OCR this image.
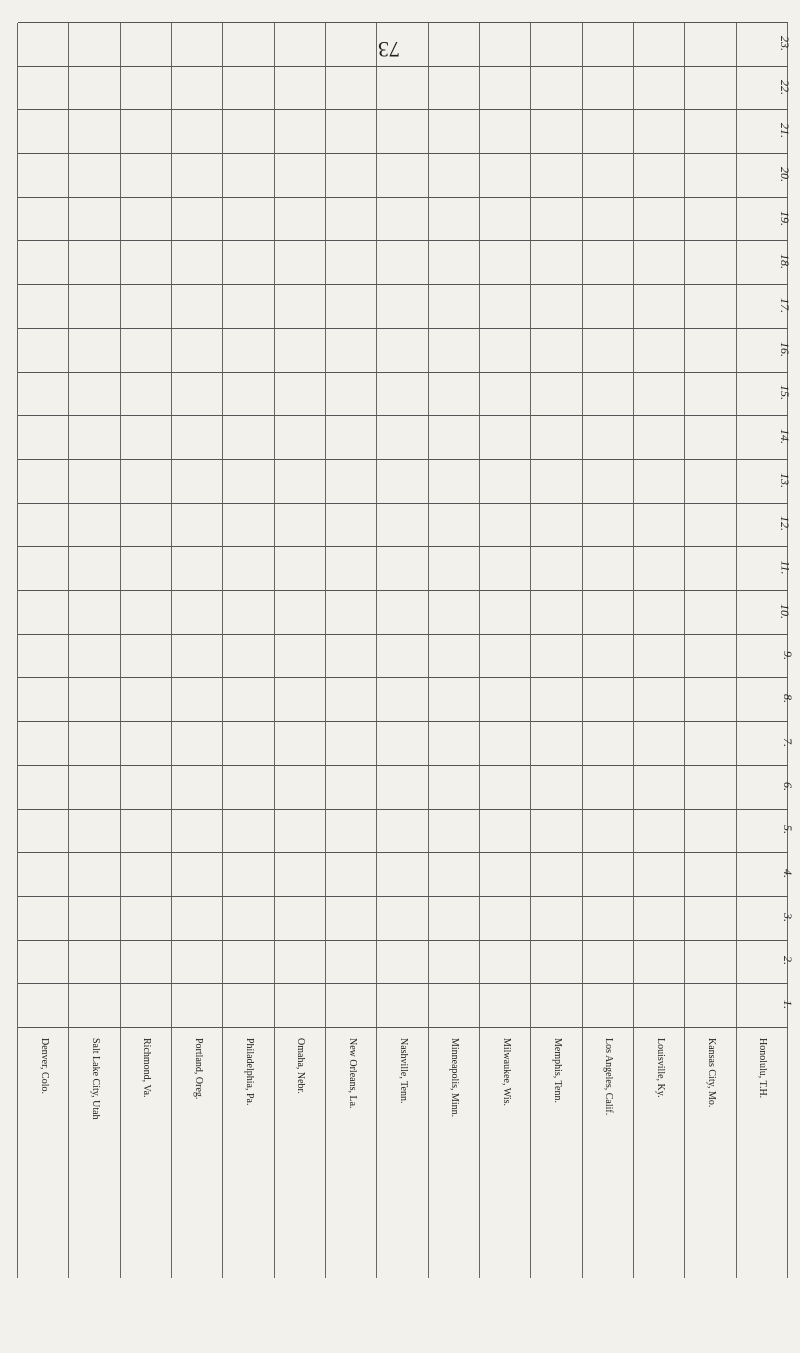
73
Honolulu, T.H.
Kansas City, Mo.
Louisville, Ky.
Los Angeles, Calif.
Memphis, Tenn.
Milwaukee, Wis.
Minneapolis, Minn.
Nashville, Tenn.
New Orleans, La.
Omaha, Nebr.
Philadelphia, Pa.
Portland, Oreg.
Richmond, Va.
Salt Lake City, Utah
Denver, Colo.
1.
2.
3.
4.
5.
6.
7.
8.
9.
10.
11.
12.
13.
14.
15.
16.
17.
18.
19.
20.
21.
22.
23.
